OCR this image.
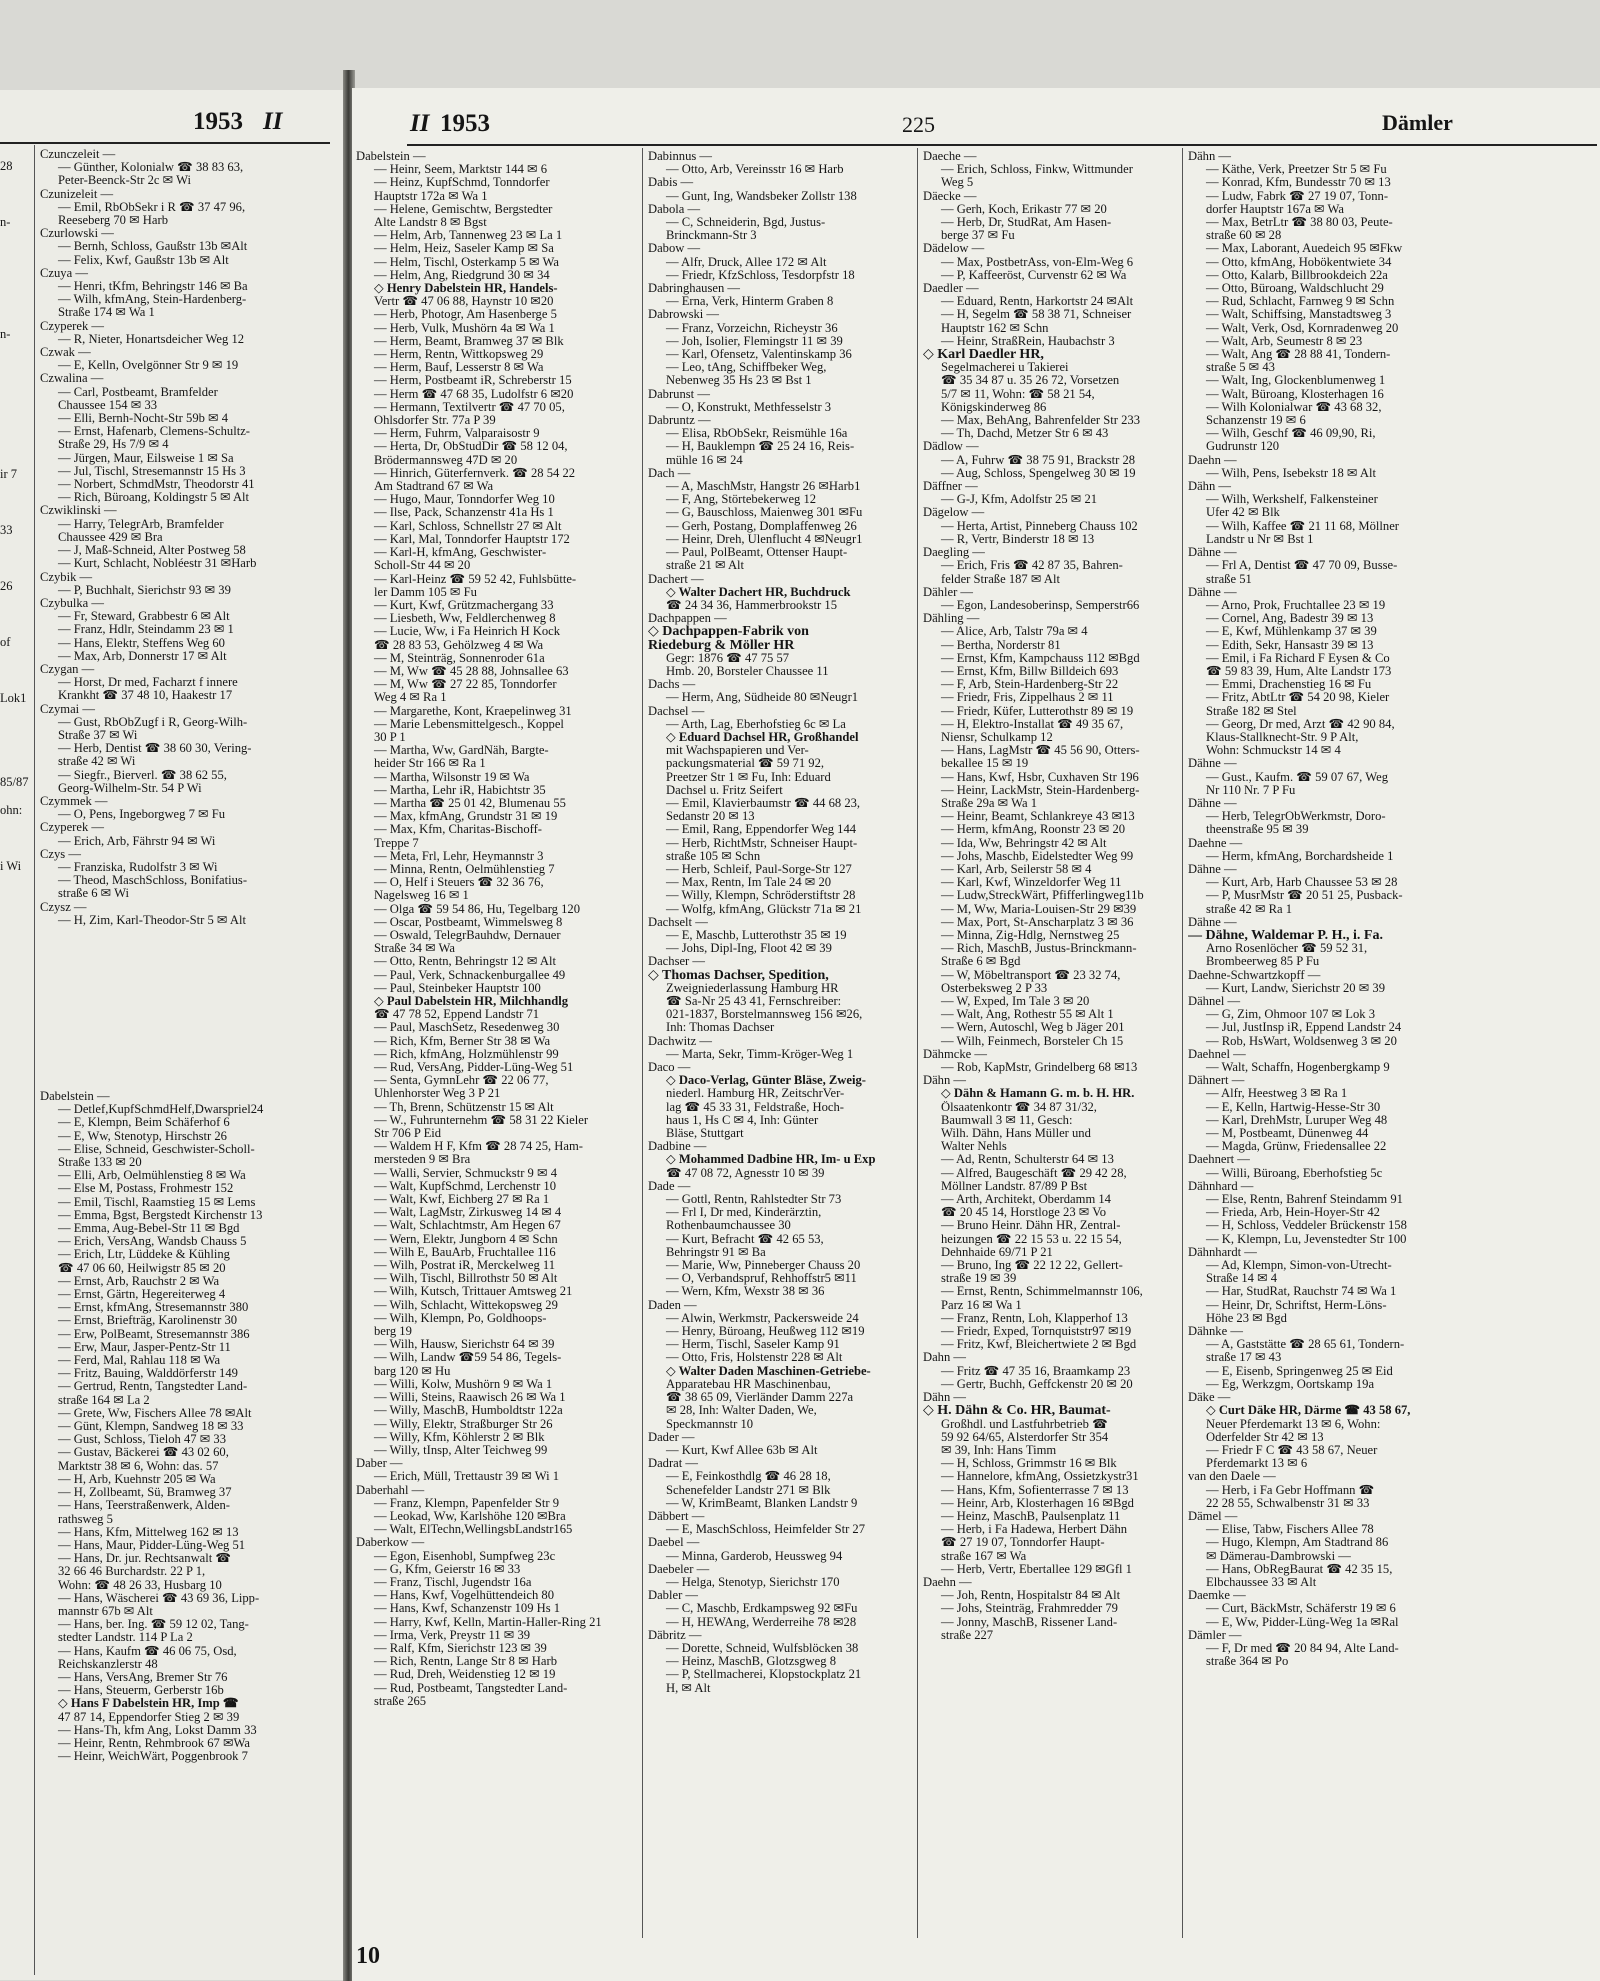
1953 II
28
n-
n-
ir 7
33
26
of
Lok1
85/87
ohn:
i Wi
Czunczeleit —
— Günther, Kolonialw ☎ 38 83 63,
Peter-Beenck-Str 2c ✉ Wi
Czunizeleit —
— Emil, RbObSekr i R ☎ 37 47 96,
Reeseberg 70 ✉ Harb
Czurlowski —
— Bernh, Schloss, Gaußstr 13b ✉Alt
— Felix, Kwf, Gaußstr 13b ✉ Alt
Czuya —
— Henri, tKfm, Behringstr 146 ✉ Ba
— Wilh, kfmAng, Stein-Hardenberg-
Straße 174 ✉ Wa 1
Czyperek —
— R, Nieter, Honartsdeicher Weg 12
Czwak —
— E, Kelln, Ovelgönner Str 9 ✉ 19
Czwalina —
— Carl, Postbeamt, Bramfelder
Chaussee 154 ✉ 33
— Elli, Bernh-Nocht-Str 59b ✉ 4
— Ernst, Hafenarb, Clemens-Schultz-
Straße 29, Hs 7/9 ✉ 4
— Jürgen, Maur, Eilsweise 1 ✉ Sa
— Jul, Tischl, Stresemannstr 15 Hs 3
— Norbert, SchmdMstr, Theodorstr 41
— Rich, Büroang, Koldingstr 5 ✉ Alt
Czwiklinski —
— Harry, TelegrArb, Bramfelder
Chaussee 429 ✉ Bra
— J, Maß-Schneid, Alter Postweg 58
— Kurt, Schlacht, Nobléestr 31 ✉Harb
Czybik —
— P, Buchhalt, Sierichstr 93 ✉ 39
Czybulka —
— Fr, Steward, Grabbestr 6 ✉ Alt
— Franz, Hdlr, Steindamm 23 ✉ 1
— Hans, Elektr, Steffens Weg 60
— Max, Arb, Donnerstr 17 ✉ Alt
Czygan —
— Horst, Dr med, Facharzt f innere
Krankht ☎ 37 48 10, Haakestr 17
Czymai —
— Gust, RbObZugf i R, Georg-Wilh-
Straße 37 ✉ Wi
— Herb, Dentist ☎ 38 60 30, Vering-
straße 42 ✉ Wi
— Siegfr., Bierverl. ☎ 38 62 55,
Georg-Wilhelm-Str. 54 P Wi
Czymmek —
— O, Pens, Ingeborgweg 7 ✉ Fu
Czyperek —
— Erich, Arb, Fährstr 94 ✉ Wi
Czys —
— Franziska, Rudolfstr 3 ✉ Wi
— Theod, MaschSchloss, Bonifatius-
straße 6 ✉ Wi
Czysz —
— H, Zim, Karl-Theodor-Str 5 ✉ Alt
Dabelstein —
— Detlef,KupfSchmdHelf,Dwarspriel24
— E, Klempn, Beim Schäferhof 6
— E, Ww, Stenotyp, Hirschstr 26
— Elise, Schneid, Geschwister-Scholl-
Straße 133 ✉ 20
— Elli, Arb, Oelmühlenstieg 8 ✉ Wa
— Else M, Postass, Frohmestr 152
— Emil, Tischl, Raamstieg 15 ✉ Lems
— Emma, Bgst, Bergstedt Kirchenstr 13
— Emma, Aug-Bebel-Str 11 ✉ Bgd
— Erich, VersAng, Wandsb Chauss 5
— Erich, Ltr, Lüddeke & Kühling
☎ 47 06 60, Heilwigstr 85 ✉ 20
— Ernst, Arb, Rauchstr 2 ✉ Wa
— Ernst, Gärtn, Hegereiterweg 4
— Ernst, kfmAng, Stresemannstr 380
— Ernst, Briefträg, Karolinenstr 30
— Erw, PolBeamt, Stresemannstr 386
— Erw, Maur, Jasper-Pentz-Str 11
— Ferd, Mal, Rahlau 118 ✉ Wa
— Fritz, Bauing, Walddörferstr 149
— Gertrud, Rentn, Tangstedter Land-
straße 164 ✉ La 2
— Grete, Ww, Fischers Allee 78 ✉Alt
— Günt, Klempn, Sandweg 18 ✉ 33
— Gust, Schloss, Tieloh 47 ✉ 33
— Gustav, Bäckerei ☎ 43 02 60,
Marktstr 38 ✉ 6, Wohn: das. 57
— H, Arb, Kuehnstr 205 ✉ Wa
— H, Zollbeamt, Sü, Bramweg 37
— Hans, Teerstraßenwerk, Alden-
rathsweg 5
— Hans, Kfm, Mittelweg 162 ✉ 13
— Hans, Maur, Pidder-Lüng-Weg 51
— Hans, Dr. jur. Rechtsanwalt ☎
32 66 46 Burchardstr. 22 P 1,
Wohn: ☎ 48 26 33, Husbarg 10
— Hans, Wäscherei ☎ 43 69 36, Lipp-
mannstr 67b ✉ Alt
— Hans, ber. Ing. ☎ 59 12 02, Tang-
stedter Landstr. 114 P La 2
— Hans, Kaufm ☎ 46 06 75, Osd,
Reichskanzlerstr 48
— Hans, VersAng, Bremer Str 76
— Hans, Steuerm, Gerberstr 16b
◇ Hans F Dabelstein HR, Imp ☎
47 87 14, Eppendorfer Stieg 2 ✉ 39
— Hans-Th, kfm Ang, Lokst Damm 33
— Heinr, Rentn, Rehmbrook 67 ✉Wa
— Heinr, WeichWärt, Poggenbrook 7
II 1953	225	Dämler
Dabelstein —
— Heinr, Seem, Marktstr 144 ✉ 6
— Heinz, KupfSchmd, Tonndorfer
Hauptstr 172a ✉ Wa 1
— Helene, Gemischtw, Bergstedter
Alte Landstr 8 ✉ Bgst
— Helm, Arb, Tannenweg 23 ✉ La 1
— Helm, Heiz, Saseler Kamp ✉ Sa
— Helm, Tischl, Osterkamp 5 ✉ Wa
— Helm, Ang, Riedgrund 30 ✉ 34
◇ Henry Dabelstein HR, Handels-
Vertr ☎ 47 06 88, Haynstr 10 ✉20
— Herb, Photogr, Am Hasenberge 5
— Herb, Vulk, Mushörn 4a ✉ Wa 1
— Herm, Beamt, Bramweg 37 ✉ Blk
— Herm, Rentn, Wittkopsweg 29
— Herm, Bauf, Lesserstr 8 ✉ Wa
— Herm, Postbeamt iR, Schreberstr 15
— Herm ☎ 47 68 35, Ludolfstr 6 ✉20
— Hermann, Textilvertr ☎ 47 70 05,
Ohlsdorfer Str. 77a P 39
— Herm, Fuhrm, Valparaisostr 9
— Herta, Dr, ObStudDir ☎ 58 12 04,
Brödermannsweg 47D ✉ 20
— Hinrich, Güterfernverk. ☎ 28 54 22
Am Stadtrand 67 ✉ Wa
— Hugo, Maur, Tonndorfer Weg 10
— Ilse, Pack, Schanzenstr 41a Hs 1
— Karl, Schloss, Schnellstr 27 ✉ Alt
— Karl, Mal, Tonndorfer Hauptstr 172
— Karl-H, kfmAng, Geschwister-
Scholl-Str 44 ✉ 20
— Karl-Heinz ☎ 59 52 42, Fuhlsbütte-
ler Damm 105 ✉ Fu
— Kurt, Kwf, Grützmachergang 33
— Liesbeth, Ww, Feldlerchenweg 8
— Lucie, Ww, i Fa Heinrich H Kock
☎ 28 83 53, Gehölzweg 4 ✉ Wa
— M, Steinträg, Sonnenroder 61a
— M, Ww ☎ 45 28 88, Johnsallee 63
— M, Ww ☎ 27 22 85, Tonndorfer
Weg 4 ✉ Ra 1
— Margarethe, Kont, Kraepelinweg 31
— Marie Lebensmittelgesch., Koppel
30 P 1
— Martha, Ww, GardNäh, Bargte-
heider Str 166 ✉ Ra 1
— Martha, Wilsonstr 19 ✉ Wa
— Martha, Lehr iR, Habichtstr 35
— Martha ☎ 25 01 42, Blumenau 55
— Max, kfmAng, Grundstr 31 ✉ 19
— Max, Kfm, Charitas-Bischoff-
Treppe 7
— Meta, Frl, Lehr, Heymannstr 3
— Minna, Rentn, Oelmühlenstieg 7
— O, Helf i Steuers ☎ 32 36 76,
Nagelsweg 16 ✉ 1
— Olga ☎ 59 54 86, Hu, Tegelbarg 120
— Oscar, Postbeamt, Wimmelsweg 8
— Oswald, TelegrBauhdw, Dernauer
Straße 34 ✉ Wa
— Otto, Rentn, Behringstr 12 ✉ Alt
— Paul, Verk, Schnackenburgallee 49
— Paul, Steinbeker Hauptstr 100
◇ Paul Dabelstein HR, Milchhandlg
☎ 47 78 52, Eppend Landstr 71
— Paul, MaschSetz, Resedenweg 30
— Rich, Kfm, Berner Str 38 ✉ Wa
— Rich, kfmAng, Holzmühlenstr 99
— Rud, VersAng, Pidder-Lüng-Weg 51
— Senta, GymnLehr ☎ 22 06 77,
Uhlenhorster Weg 3 P 21
— Th, Brenn, Schützenstr 15 ✉ Alt
— W., Fuhrunternehm ☎ 58 31 22 Kieler
Str 706 P Eid
— Waldem H F, Kfm ☎ 28 74 25, Ham-
mersteden 9 ✉ Bra
— Walli, Servier, Schmuckstr 9 ✉ 4
— Walt, KupfSchmd, Lerchenstr 10
— Walt, Kwf, Eichberg 27 ✉ Ra 1
— Walt, LagMstr, Zirkusweg 14 ✉ 4
— Walt, Schlachtmstr, Am Hegen 67
— Wern, Elektr, Jungborn 4 ✉ Schn
— Wilh E, BauArb, Fruchtallee 116
— Wilh, Postrat iR, Merckelweg 11
— Wilh, Tischl, Billrothstr 50 ✉ Alt
— Wilh, Kutsch, Trittauer Amtsweg 21
— Wilh, Schlacht, Wittekopsweg 29
— Wilh, Klempn, Po, Goldhoops-
berg 19
— Wilh, Hausw, Sierichstr 64 ✉ 39
— Wilh, Landw ☎59 54 86, Tegels-
barg 120 ✉ Hu
— Willi, Kolw, Mushörn 9 ✉ Wa 1
— Willi, Steins, Raawisch 26 ✉ Wa 1
— Willy, MaschB, Humboldtstr 122a
— Willy, Elektr, Straßburger Str 26
— Willy, Kfm, Köhlerstr 2 ✉ Blk
— Willy, tInsp, Alter Teichweg 99
Daber —
— Erich, Müll, Trettaustr 39 ✉ Wi 1
Daberhahl —
— Franz, Klempn, Papenfelder Str 9
— Leokad, Ww, Karlshöhe 120 ✉Bra
— Walt, ElTechn,WellingsbLandstr165
Daberkow —
— Egon, Eisenhobl, Sumpfweg 23c
— G, Kfm, Geierstr 16 ✉ 33
— Franz, Tischl, Jugendstr 16a
— Hans, Kwf, Vogelhüttendeich 80
— Hans, Kwf, Schanzenstr 109 Hs 1
— Harry, Kwf, Kelln, Martin-Haller-Ring 21
— Irma, Verk, Preystr 11 ✉ 39
— Ralf, Kfm, Sierichstr 123 ✉ 39
— Rich, Rentn, Lange Str 8 ✉ Harb
— Rud, Dreh, Weidenstieg 12 ✉ 19
— Rud, Postbeamt, Tangstedter Land-
straße 265
Dabinnus —
— Otto, Arb, Vereinsstr 16 ✉ Harb
Dabis —
— Gunt, Ing, Wandsbeker Zollstr 138
Dabola —
— C, Schneiderin, Bgd, Justus-
Brinckmann-Str 3
Dabow —
— Alfr, Druck, Allee 172 ✉ Alt
— Friedr, KfzSchloss, Tesdorpfstr 18
Dabringhausen —
— Erna, Verk, Hinterm Graben 8
Dabrowski —
— Franz, Vorzeichn, Richeystr 36
— Joh, Isolier, Flemingstr 11 ✉ 39
— Karl, Ofensetz, Valentinskamp 36
— Leo, tAng, Schiffbeker Weg,
Nebenweg 35 Hs 23 ✉ Bst 1
Dabrunst —
— O, Konstrukt, Methfesselstr 3
Dabruntz —
— Elisa, RbObSekr, Reismühle 16a
— H, Bauklempn ☎ 25 24 16, Reis-
mühle 16 ✉ 24
Dach —
— A, MaschMstr, Hangstr 26 ✉Harb1
— F, Ang, Störtebekerweg 12
— G, Bauschloss, Maienweg 301 ✉Fu
— Gerh, Postang, Domplaffenweg 26
— Heinr, Dreh, Ulenflucht 4 ✉Neugr1
— Paul, PolBeamt, Ottenser Haupt-
straße 21 ✉ Alt
Dachert —
◇ Walter Dachert HR, Buchdruck
☎ 24 34 36, Hammerbrookstr 15
Dachpappen —
◇ Dachpappen-Fabrik von
Riedeburg & Möller HR
Gegr: 1876 ☎ 47 75 57
Hmb. 20, Borsteler Chaussee 11
Dachs —
— Herm, Ang, Südheide 80 ✉Neugr1
Dachsel —
— Arth, Lag, Eberhofstieg 6c ✉ La
◇ Eduard Dachsel HR, Großhandel
mit Wachspapieren und Ver-
packungsmaterial ☎ 59 71 92,
Preetzer Str 1 ✉ Fu, Inh: Eduard
Dachsel u. Fritz Seifert
— Emil, Klavierbaumstr ☎ 44 68 23,
Sedanstr 20 ✉ 13
— Emil, Rang, Eppendorfer Weg 144
— Herb, RichtMstr, Schneiser Haupt-
straße 105 ✉ Schn
— Herb, Schleif, Paul-Sorge-Str 127
— Max, Rentn, Im Tale 24 ✉ 20
— Willy, Klempn, Schröderstiftstr 28
— Wolfg, kfmAng, Glückstr 71a ✉ 21
Dachselt —
— E, Maschb, Lutterothstr 35 ✉ 19
— Johs, Dipl-Ing, Floot 42 ✉ 39
Dachser —
◇ Thomas Dachser, Spedition,
Zweigniederlassung Hamburg HR
☎ Sa-Nr 25 43 41, Fernschreiber:
021-1837, Borstelmannsweg 156 ✉26,
Inh: Thomas Dachser
Dachwitz —
— Marta, Sekr, Timm-Kröger-Weg 1
Daco —
◇ Daco-Verlag, Günter Bläse, Zweig-
niederl. Hamburg HR, ZeitschrVer-
lag ☎ 45 33 31, Feldstraße, Hoch-
haus 1, Hs C ✉ 4, Inh: Günter
Bläse, Stuttgart
Dadbine —
◇ Mohammed Dadbine HR, Im- u Exp
☎ 47 08 72, Agnesstr 10 ✉ 39
Dade —
— Gottl, Rentn, Rahlstedter Str 73
— Frl I, Dr med, Kinderärztin,
Rothenbaumchaussee 30
— Kurt, Befracht ☎ 42 65 53,
Behringstr 91 ✉ Ba
— Marie, Ww, Pinneberger Chauss 20
— O, Verbandspruf, Rehhoffstr5 ✉11
— Wern, Kfm, Wexstr 38 ✉ 36
Daden —
— Alwin, Werkmstr, Packersweide 24
— Henry, Büroang, Heußweg 112 ✉19
— Herm, Tischl, Saseler Kamp 91
— Otto, Fris, Holstenstr 228 ✉ Alt
◇ Walter Daden Maschinen-Getriebe-
Apparatebau HR Maschinenbau,
☎ 38 65 09, Vierländer Damm 227a
✉ 28, Inh: Walter Daden, We,
Speckmannstr 10
Dader —
— Kurt, Kwf Allee 63b ✉ Alt
Dadrat —
— E, Feinkosthdlg ☎ 46 28 18,
Schenefelder Landstr 271 ✉ Blk
— W, KrimBeamt, Blanken Landstr 9
Däbbert —
— E, MaschSchloss, Heimfelder Str 27
Daebel —
— Minna, Garderob, Heussweg 94
Daebeler —
— Helga, Stenotyp, Sierichstr 170
Dabler —
— C, Maschb, Erdkampsweg 92 ✉Fu
— H, HEWAng, Werderreihe 78 ✉28
Däbritz —
— Dorette, Schneid, Wulfsblöcken 38
— Heinz, MaschB, Glotzsgweg 8
— P, Stellmacherei, Klopstockplatz 21
H, ✉ Alt
Daeche —
— Erich, Schloss, Finkw, Wittmunder
Weg 5
Däecke —
— Gerh, Koch, Erikastr 77 ✉ 20
— Herb, Dr, StudRat, Am Hasen-
berge 37 ✉ Fu
Dädelow —
— Max, PostbetrAss, von-Elm-Weg 6
— P, Kaffeeröst, Curvenstr 62 ✉ Wa
Daedler —
— Eduard, Rentn, Harkortstr 24 ✉Alt
— H, Segelm ☎ 58 38 71, Schneiser
Hauptstr 162 ✉ Schn
— Heinr, StraßRein, Haubachstr 3
◇ Karl Daedler HR,
Segelmacherei u Takierei
☎ 35 34 87 u. 35 26 72, Vorsetzen
5/7 ✉ 11, Wohn: ☎ 58 21 54,
Königskinderweg 86
— Max, BehAng, Bahrenfelder Str 233
— Th, Dachd, Metzer Str 6 ✉ 43
Dädlow —
— A, Fuhrw ☎ 38 75 91, Brackstr 28
— Aug, Schloss, Spengelweg 30 ✉ 19
Däffner —
— G-J, Kfm, Adolfstr 25 ✉ 21
Dägelow —
— Herta, Artist, Pinneberg Chauss 102
— R, Vertr, Binderstr 18 ✉ 13
Daegling —
— Erich, Fris ☎ 42 87 35, Bahren-
felder Straße 187 ✉ Alt
Dähler —
— Egon, Landesoberinsp, Semperstr66
Dähling —
— Alice, Arb, Talstr 79a ✉ 4
— Bertha, Norderstr 81
— Ernst, Kfm, Kampchauss 112 ✉Bgd
— Ernst, Kfm, Billw Billdeich 693
— F, Arb, Stein-Hardenberg-Str 22
— Friedr, Fris, Zippelhaus 2 ✉ 11
— Friedr, Küfer, Lutterothstr 89 ✉ 19
— H, Elektro-Installat ☎ 49 35 67,
Niensr, Schulkamp 12
— Hans, LagMstr ☎ 45 56 90, Otters-
bekallee 15 ✉ 19
— Hans, Kwf, Hsbr, Cuxhaven Str 196
— Heinr, LackMstr, Stein-Hardenberg-
Straße 29a ✉ Wa 1
— Heinr, Beamt, Schlankreye 43 ✉13
— Herm, kfmAng, Roonstr 23 ✉ 20
— Ida, Ww, Behringstr 42 ✉ Alt
— Johs, Maschb, Eidelstedter Weg 99
— Karl, Arb, Seilerstr 58 ✉ 4
— Karl, Kwf, Winzeldorfer Weg 11
— Ludw,StreckWärt, Pfifferlingweg11b
— M, Ww, Maria-Louisen-Str 29 ✉39
— Max, Port, St-Anscharplatz 3 ✉ 36
— Minna, Zig-Hdlg, Nernstweg 25
— Rich, MaschB, Justus-Brinckmann-
Straße 6 ✉ Bgd
— W, Möbeltransport ☎ 23 32 74,
Osterbeksweg 2 P 33
— W, Exped, Im Tale 3 ✉ 20
— Walt, Ang, Rothestr 55 ✉ Alt 1
— Wern, Autoschl, Weg b Jäger 201
— Wilh, Feinmech, Borsteler Ch 15
Dähmcke —
— Rob, KapMstr, Grindelberg 68 ✉13
Dähn —
◇ Dähn & Hamann G. m. b. H. HR.
Ölsaatenkontr ☎ 34 87 31/32,
Baumwall 3 ✉ 11, Gesch:
Wilh. Dähn, Hans Müller und
Walter Nehls
— Ad, Rentn, Schulterstr 64 ✉ 13
— Alfred, Baugeschäft ☎ 29 42 28,
Möllner Landstr. 87/89 P Bst
— Arth, Architekt, Oberdamm 14
☎ 20 45 14, Horstloge 23 ✉ Vo
— Bruno Heinr. Dähn HR, Zentral-
heizungen ☎ 22 15 53 u. 22 15 54,
Dehnhaide 69/71 P 21
— Bruno, Ing ☎ 22 12 22, Gellert-
straße 19 ✉ 39
— Ernst, Rentn, Schimmelmannstr 106,
Parz 16 ✉ Wa 1
— Franz, Rentn, Loh, Klapperhof 13
— Friedr, Exped, Tornquiststr97 ✉19
— Fritz, Kwf, Bleichertwiete 2 ✉ Bgd
Dahn —
— Fritz ☎ 47 35 16, Braamkamp 23
— Gertr, Buchh, Geffckenstr 20 ✉ 20
Dähn —
◇ H. Dähn & Co. HR, Baumat-
Großhdl. und Lastfuhrbetrieb ☎
59 92 64/65, Alsterdorfer Str 354
✉ 39, Inh: Hans Timm
— H, Schloss, Grimmstr 16 ✉ Blk
— Hannelore, kfmAng, Ossietzkystr31
— Hans, Kfm, Sofienterrasse 7 ✉ 13
— Heinr, Arb, Klosterhagen 16 ✉Bgd
— Heinz, MaschB, Paulsenplatz 11
— Herb, i Fa Hadewa, Herbert Dähn
☎ 27 19 07, Tonndorfer Haupt-
straße 167 ✉ Wa
— Herb, Vertr, Ebertallee 129 ✉Gfl 1
Daehn —
— Joh, Rentn, Hospitalstr 84 ✉ Alt
— Johs, Steinträg, Frahmredder 79
— Jonny, MaschB, Rissener Land-
straße 227
Dähn —
— Käthe, Verk, Preetzer Str 5 ✉ Fu
— Konrad, Kfm, Bundesstr 70 ✉ 13
— Ludw, Fabrk ☎ 27 19 07, Tonn-
dorfer Hauptstr 167a ✉ Wa
— Max, BetrLtr ☎ 38 80 03, Peute-
straße 60 ✉ 28
— Max, Laborant, Auedeich 95 ✉Fkw
— Otto, kfmAng, Hobökentwiete 34
— Otto, Kalarb, Billbrookdeich 22a
— Otto, Büroang, Waldschlucht 29
— Rud, Schlacht, Farnweg 9 ✉ Schn
— Walt, Schiffsing, Manstadtsweg 3
— Walt, Verk, Osd, Kornradenweg 20
— Walt, Arb, Seumestr 8 ✉ 23
— Walt, Ang ☎ 28 88 41, Tondern-
straße 5 ✉ 43
— Walt, Ing, Glockenblumenweg 1
— Walt, Büroang, Klosterhagen 16
— Wilh Kolonialwar ☎ 43 68 32,
Schanzenstr 19 ✉ 6
— Wilh, Geschf ☎ 46 09,90, Ri,
Gudrunstr 120
Daehn —
— Wilh, Pens, Isebekstr 18 ✉ Alt
Dähn —
— Wilh, Werkshelf, Falkensteiner
Ufer 42 ✉ Blk
— Wilh, Kaffee ☎ 21 11 68, Möllner
Landstr u Nr ✉ Bst 1
Dähne —
— Frl A, Dentist ☎ 47 70 09, Busse-
straße 51
Dähne —
— Arno, Prok, Fruchtallee 23 ✉ 19
— Cornel, Ang, Badestr 39 ✉ 13
— E, Kwf, Mühlenkamp 37 ✉ 39
— Edith, Sekr, Hansastr 39 ✉ 13
— Emil, i Fa Richard F Eysen & Co
☎ 59 83 39, Hum, Alte Landstr 173
— Emmi, Drachenstieg 16 ✉ Fu
— Fritz, AbtLtr ☎ 54 20 98, Kieler
Straße 182 ✉ Stel
— Georg, Dr med, Arzt ☎ 42 90 84,
Klaus-Stallknecht-Str. 9 P Alt,
Wohn: Schmuckstr 14 ✉ 4
Dähne —
— Gust., Kaufm. ☎ 59 07 67, Weg
Nr 110 Nr. 7 P Fu
Dähne —
— Herb, TelegrObWerkmstr, Doro-
theenstraße 95 ✉ 39
Daehne —
— Herm, kfmAng, Borchardsheide 1
Dähne —
— Kurt, Arb, Harb Chaussee 53 ✉ 28
— P, MusrMstr ☎ 20 51 25, Pusback-
straße 42 ✉ Ra 1
Dähne —
— Dähne, Waldemar P. H., i. Fa.
Arno Rosenlöcher ☎ 59 52 31,
Brombeerweg 85 P Fu
Daehne-Schwartzkopff —
— Kurt, Landw, Sierichstr 20 ✉ 39
Dähnel —
— G, Zim, Ohmoor 107 ✉ Lok 3
— Jul, JustInsp iR, Eppend Landstr 24
— Rob, HsWart, Woldsenweg 3 ✉ 20
Daehnel —
— Walt, Schaffn, Hogenbergkamp 9
Dähnert —
— Alfr, Heestweg 3 ✉ Ra 1
— E, Kelln, Hartwig-Hesse-Str 30
— Karl, DrehMstr, Luruper Weg 48
— M, Postbeamt, Dünenweg 44
— Magda, Grünw, Friedensallee 22
Daehnert —
— Willi, Büroang, Eberhofstieg 5c
Dähnhard —
— Else, Rentn, Bahrenf Steindamm 91
— Frieda, Arb, Hein-Hoyer-Str 42
— H, Schloss, Veddeler Brückenstr 158
— K, Klempn, Lu, Jevenstedter Str 100
Dähnhardt —
— Ad, Klempn, Simon-von-Utrecht-
Straße 14 ✉ 4
— Har, StudRat, Rauchstr 74 ✉ Wa 1
— Heinr, Dr, Schriftst, Herm-Löns-
Höhe 23 ✉ Bgd
Dähnke —
— A, Gaststätte ☎ 28 65 61, Tondern-
straße 17 ✉ 43
— E, Eisenb, Springenweg 25 ✉ Eid
— Eg, Werkzgm, Oortskamp 19a
Däke —
◇ Curt Däke HR, Därme ☎ 43 58 67,
Neuer Pferdemarkt 13 ✉ 6, Wohn:
Oderfelder Str 42 ✉ 13
— Friedr F C ☎ 43 58 67, Neuer
Pferdemarkt 13 ✉ 6
van den Daele —
— Herb, i Fa Gebr Hoffmann ☎
22 28 55, Schwalbenstr 31 ✉ 33
Dämel —
— Elise, Tabw, Fischers Allee 78
— Hugo, Klempn, Am Stadtrand 86
✉ Dämerau-Dambrowski —
— Hans, ObRegBaurat ☎ 42 35 15,
Elbchaussee 33 ✉ Alt
Daemke —
— Curt, BäckMstr, Schäferstr 19 ✉ 6
— E, Ww, Pidder-Lüng-Weg 1a ✉Ral
Dämler —
— F, Dr med ☎ 20 84 94, Alte Land-
straße 364 ✉ Po
10
